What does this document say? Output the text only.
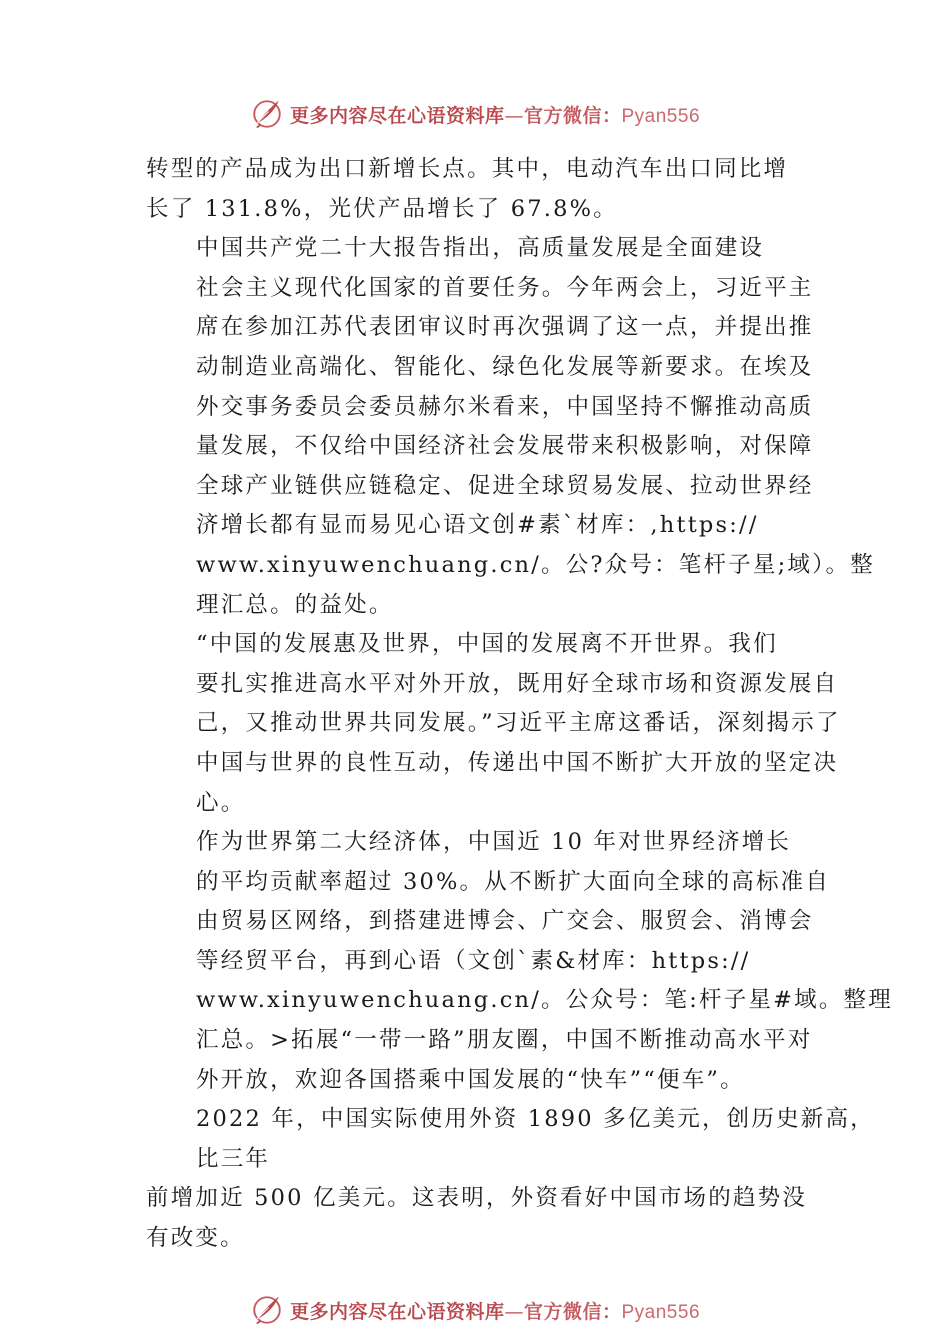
更多内容尽在心语资料库—官方微信：Pyan556

转型的产品成为出口新增长点。其中，电动汽车出口同比增
长了 131.8%，光伏产品增长了 67.8%。

中国共产党二十大报告指出，高质量发展是全面建设
社会主义现代化国家的首要任务。今年两会上，习近平主
席在参加江苏代表团审议时再次强调了这一点，并提出推
动制造业高端化、智能化、绿色化发展等新要求。在埃及
外交事务委员会委员赫尔米看来，中国坚持不懈推动高质
量发展，不仅给中国经济社会发展带来积极影响，对保障
全球产业链供应链稳定、促进全球贸易发展、拉动世界经
济增长都有显而易见心语文创#素`材库：,https://
www.xinyuwenchuang.cn/。公?众号：笔杆子星;域）。整
理汇总。的益处。

“中国的发展惠及世界，中国的发展离不开世界。我们
要扎实推进高水平对外开放，既用好全球市场和资源发展自
己，又推动世界共同发展。”习近平主席这番话，深刻揭示了
中国与世界的良性互动，传递出中国不断扩大开放的坚定决
心。

作为世界第二大经济体，中国近 10 年对世界经济增长
的平均贡献率超过 30%。从不断扩大面向全球的高标准自
由贸易区网络，到搭建进博会、广交会、服贸会、消博会
等经贸平台，再到心语（文创`素&材库：https://
www.xinyuwenchuang.cn/。公众号：笔:杆子星#域。整理
汇总。>拓展“一带一路”朋友圈，中国不断推动高水平对
外开放，欢迎各国搭乘中国发展的“快车”“便车”。
2022 年，中国实际使用外资 1890 多亿美元，创历史新高，
比三年

前增加近 500 亿美元。这表明，外资看好中国市场的趋势没
有改变。

更多内容尽在心语资料库—官方微信：Pyan556
